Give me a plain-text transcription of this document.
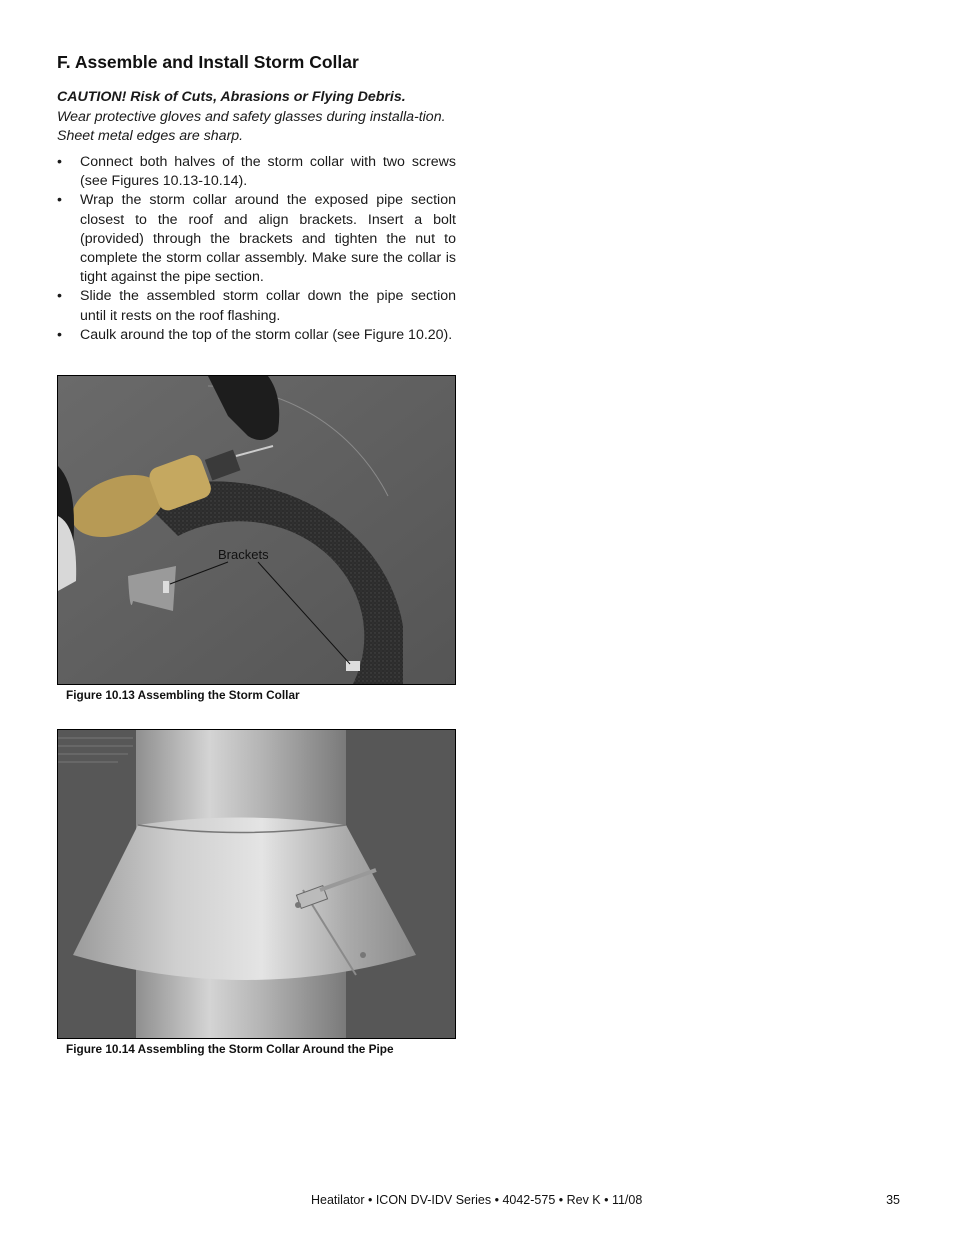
F. Assemble and Install Storm Collar
CAUTION! Risk of Cuts, Abrasions or Flying Debris.
Wear protective gloves and safety glasses during installa-tion. Sheet metal edges are sharp.
• Connect both halves of the storm collar with two screws (see Figures 10.13-10.14).
• Wrap the storm collar around the exposed pipe section closest to the roof and align brackets. Insert a bolt (provided) through the brackets and tighten the nut to complete the storm collar assembly. Make sure the collar is tight against the pipe section.
• Slide the assembled storm collar down the pipe section until it rests on the roof flashing.
• Caulk around the top of the storm collar (see Figure 10.20).
Brackets
Figure 10.13 Assembling the Storm Collar
Figure 10.14 Assembling the Storm Collar Around the Pipe
Heatilator • ICON DV-IDV Series • 4042-575 • Rev K • 11/08	35
